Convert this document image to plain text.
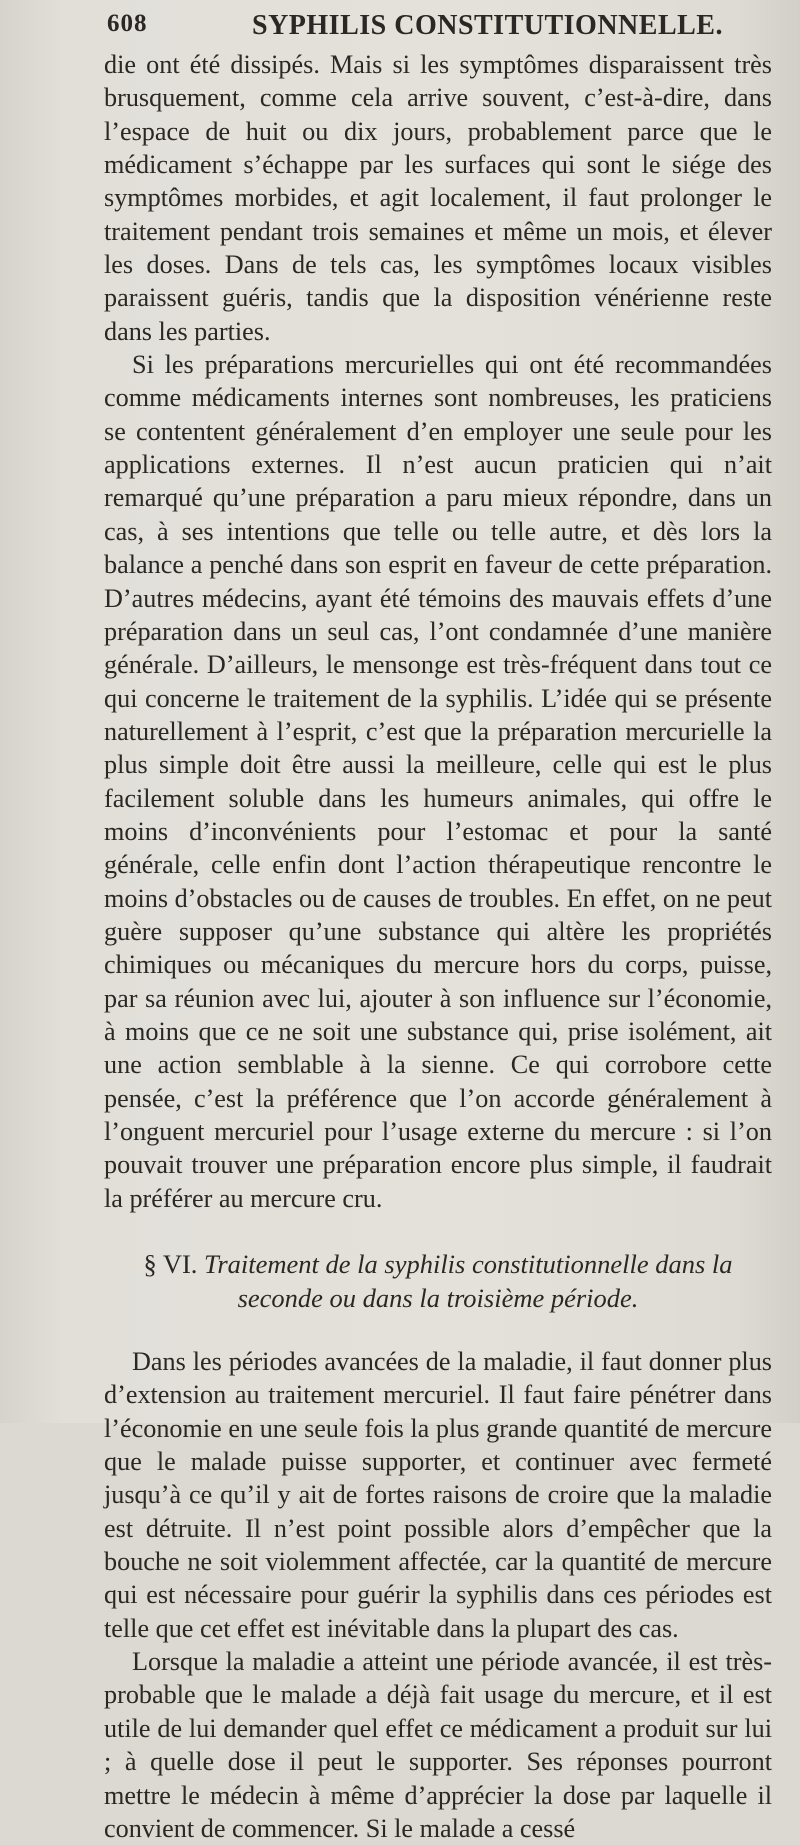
608	SYPHILIS CONSTITUTIONNELLE.

die ont été dissipés. Mais si les symptômes disparaissent très brusquement, comme cela arrive souvent, c’est-à-dire, dans l’espace de huit ou dix jours, probablement parce que le médicament s’échappe par les surfaces qui sont le siége des symptômes morbides, et agit localement, il faut prolonger le traitement pendant trois semaines et même un mois, et élever les doses. Dans de tels cas, les symptômes locaux visibles paraissent guéris, tandis que la disposition vénérienne reste dans les parties.

Si les préparations mercurielles qui ont été recommandées comme médicaments internes sont nombreuses, les praticiens se contentent généralement d’en employer une seule pour les applications externes. Il n’est aucun praticien qui n’ait remarqué qu’une préparation a paru mieux répondre, dans un cas, à ses intentions que telle ou telle autre, et dès lors la balance a penché dans son esprit en faveur de cette préparation. D’autres médecins, ayant été témoins des mauvais effets d’une préparation dans un seul cas, l’ont condamnée d’une manière générale. D’ailleurs, le mensonge est très-fréquent dans tout ce qui concerne le traitement de la syphilis. L’idée qui se présente naturellement à l’esprit, c’est que la préparation mercurielle la plus simple doit être aussi la meilleure, celle qui est le plus facilement soluble dans les humeurs animales, qui offre le moins d’inconvénients pour l’estomac et pour la santé générale, celle enfin dont l’action thérapeutique rencontre le moins d’obstacles ou de causes de troubles. En effet, on ne peut guère supposer qu’une substance qui altère les propriétés chimiques ou mécaniques du mercure hors du corps, puisse, par sa réunion avec lui, ajouter à son influence sur l’économie, à moins que ce ne soit une substance qui, prise isolément, ait une action semblable à la sienne. Ce qui corrobore cette pensée, c’est la préférence que l’on accorde généralement à l’onguent mercuriel pour l’usage externe du mercure : si l’on pouvait trouver une préparation encore plus simple, il faudrait la préférer au mercure cru.

§ VI. Traitement de la syphilis constitutionnelle dans la seconde ou dans la troisième période.

Dans les périodes avancées de la maladie, il faut donner plus d’extension au traitement mercuriel. Il faut faire pénétrer dans l’économie en une seule fois la plus grande quantité de mercure que le malade puisse supporter, et continuer avec fermeté jusqu’à ce qu’il y ait de fortes raisons de croire que la maladie est détruite. Il n’est point possible alors d’empêcher que la bouche ne soit violemment affectée, car la quantité de mercure qui est nécessaire pour guérir la syphilis dans ces périodes est telle que cet effet est inévitable dans la plupart des cas.

Lorsque la maladie a atteint une période avancée, il est très-probable que le malade a déjà fait usage du mercure, et il est utile de lui demander quel effet ce médicament a produit sur lui ; à quelle dose il peut le supporter. Ses réponses pourront mettre le médecin à même d’apprécier la dose par laquelle il convient de commencer. Si le malade a cessé
